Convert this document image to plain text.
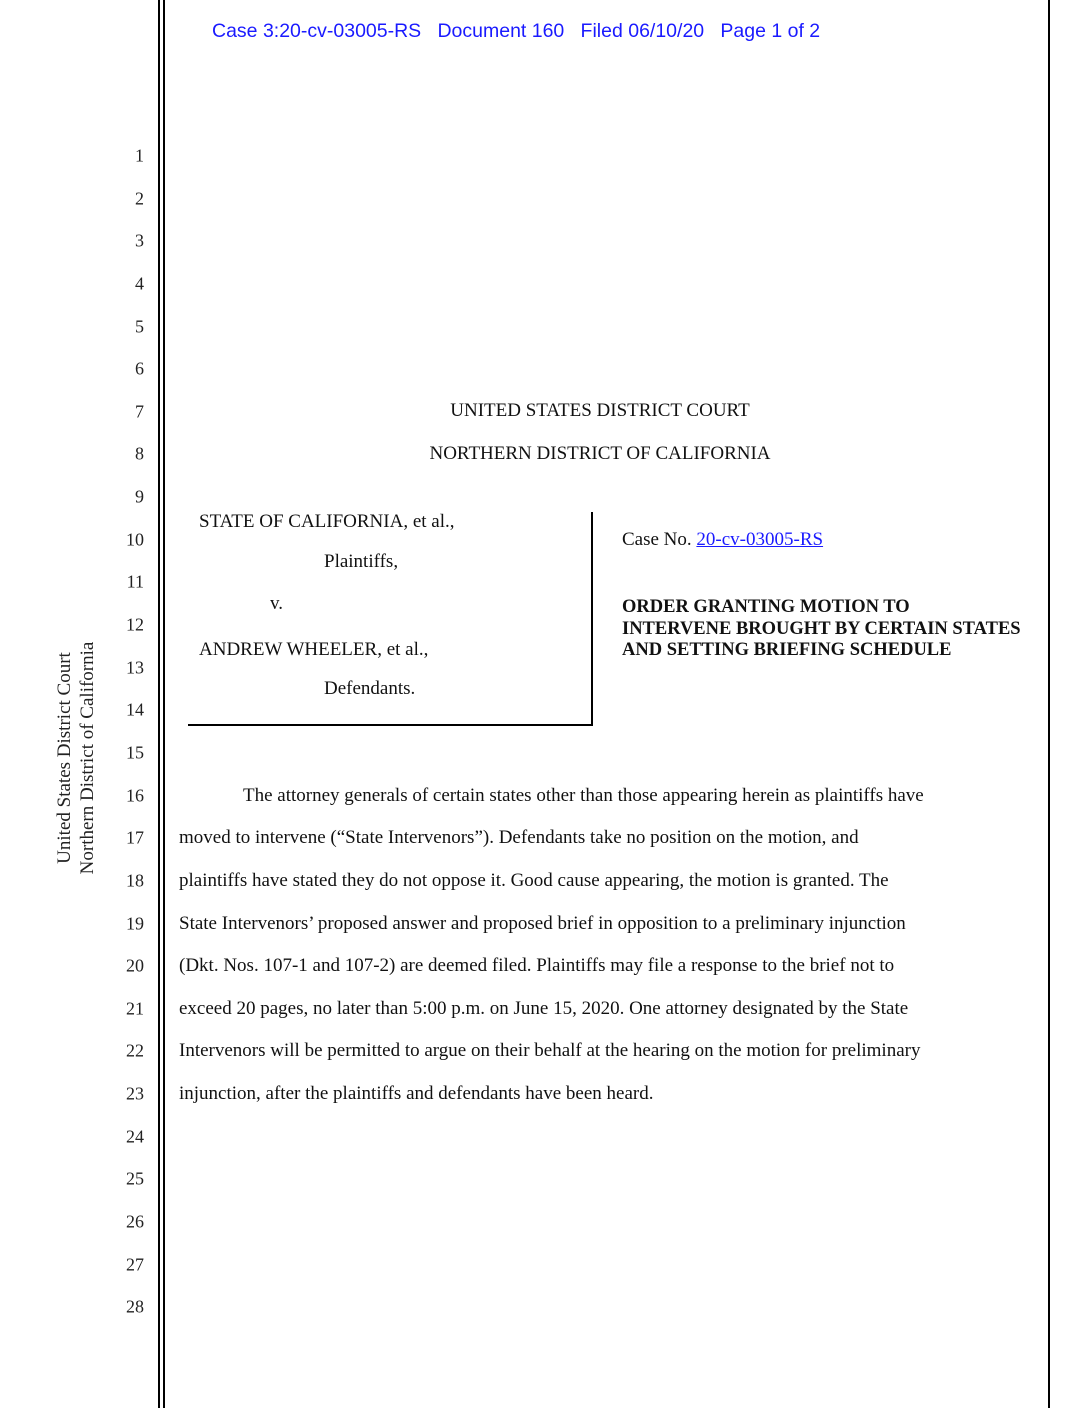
Case 3:20-cv-03005-RS Document 160 Filed 06/10/20 Page 1 of 2
1
2
3
4
5
6
7
8
9
10
11
12
13
14
15
16
17
18
19
20
21
22
23
24
25
26
27
28
United States District Court Northern District of California
UNITED STATES DISTRICT COURT
NORTHERN DISTRICT OF CALIFORNIA
STATE OF CALIFORNIA, et al.,
Plaintiffs,
v.
ANDREW WHEELER, et al.,
Defendants.
Case No. 20-cv-03005-RS
ORDER GRANTING MOTION TO INTERVENE BROUGHT BY CERTAIN STATES AND SETTING BRIEFING SCHEDULE
The attorney generals of certain states other than those appearing herein as plaintiffs have
moved to intervene (“State Intervenors”). Defendants take no position on the motion, and
plaintiffs have stated they do not oppose it. Good cause appearing, the motion is granted. The
State Intervenors’ proposed answer and proposed brief in opposition to a preliminary injunction
(Dkt. Nos. 107-1 and 107-2) are deemed filed. Plaintiffs may file a response to the brief not to
exceed 20 pages, no later than 5:00 p.m. on June 15, 2020. One attorney designated by the State
Intervenors will be permitted to argue on their behalf at the hearing on the motion for preliminary
injunction, after the plaintiffs and defendants have been heard.
